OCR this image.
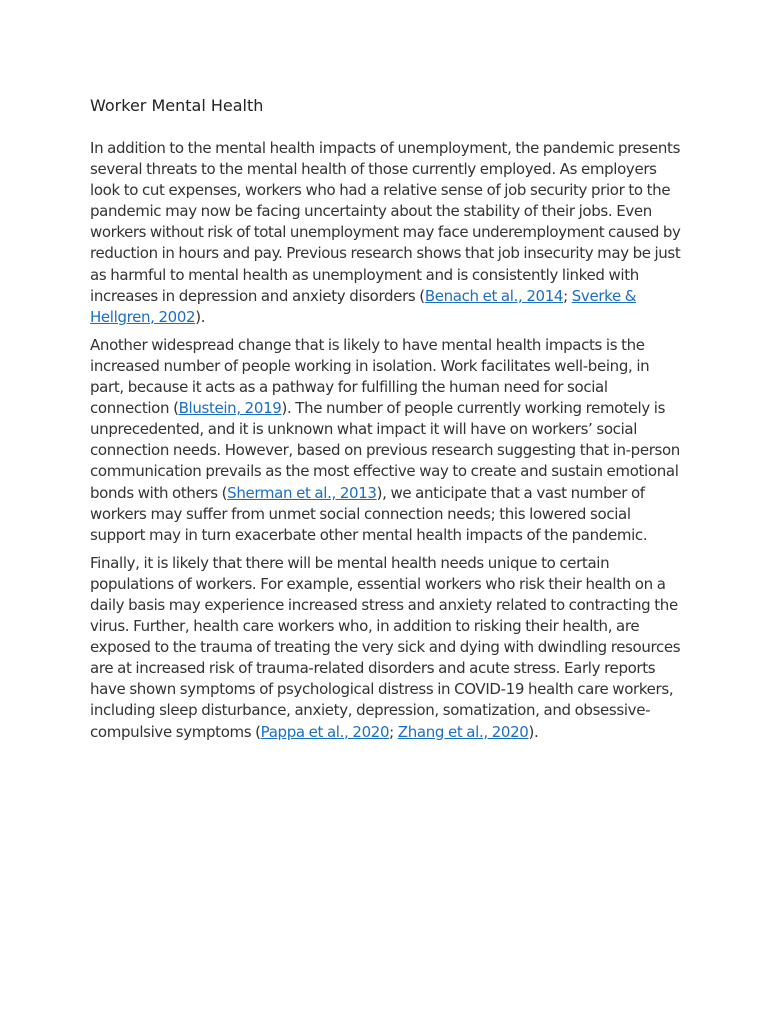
Worker Mental Health

In addition to the mental health impacts of unemployment, the pandemic presents
several threats to the mental health of those currently employed. As employers
look to cut expenses, workers who had a relative sense of job security prior to the
pandemic may now be facing uncertainty about the stability of their jobs. Even
workers without risk of total unemployment may face underemployment caused by
reduction in hours and pay. Previous research shows that job insecurity may be just
as harmful to mental health as unemployment and is consistently linked with
increases in depression and anxiety disorders (Benach et al., 2014; Sverke &
Hellgren, 2002).

Another widespread change that is likely to have mental health impacts is the
increased number of people working in isolation. Work facilitates well-being, in
part, because it acts as a pathway for fulfilling the human need for social
connection (Blustein, 2019). The number of people currently working remotely is
unprecedented, and it is unknown what impact it will have on workers’ social
connection needs. However, based on previous research suggesting that in-person
communication prevails as the most effective way to create and sustain emotional
bonds with others (Sherman et al., 2013), we anticipate that a vast number of
workers may suffer from unmet social connection needs; this lowered social
support may in turn exacerbate other mental health impacts of the pandemic.

Finally, it is likely that there will be mental health needs unique to certain
populations of workers. For example, essential workers who risk their health on a
daily basis may experience increased stress and anxiety related to contracting the
virus. Further, health care workers who, in addition to risking their health, are
exposed to the trauma of treating the very sick and dying with dwindling resources
are at increased risk of trauma-related disorders and acute stress. Early reports
have shown symptoms of psychological distress in COVID-19 health care workers,
including sleep disturbance, anxiety, depression, somatization, and obsessive-
compulsive symptoms (Pappa et al., 2020; Zhang et al., 2020).
